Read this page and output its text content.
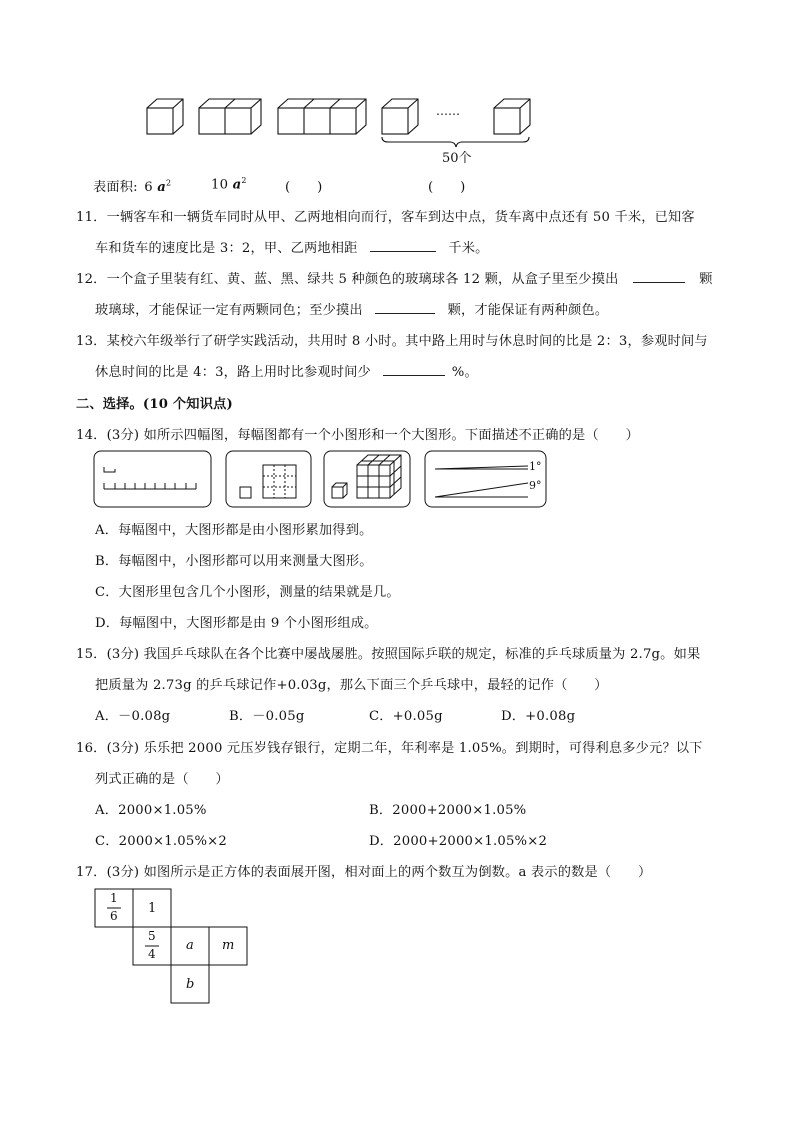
……
50个
表面积: 6 $a^2$	10 $a^2$	(　　)	(　　)
11．一辆客车和一辆货车同时从甲、乙两地相向而行，客车到达中点，货车离中点还有 50 千米，已知客
车和货车的速度比是 3：2，甲、乙两地相距	千米。
12．一个盒子里装有红、黄、蓝、黑、绿共 5 种颜色的玻璃球各 12 颗，从盒子里至少摸出	颗
玻璃球，才能保证一定有两颗同色；至少摸出	颗，才能保证有两种颜色。
13．某校六年级举行了研学实践活动，共用时 8 小时。其中路上用时与休息时间的比是 2：3，参观时间与
休息时间的比是 4：3，路上用时比参观时间少	%。
二、选择。(10 个知识点)
14．(3分) 如所示四幅图，每幅图都有一个小图形和一个大图形。下面描述不正确的是（　　）
1°
9°
A．每幅图中，大图形都是由小图形累加得到。
B．每幅图中，小图形都可以用来测量大图形。
C．大图形里包含几个小图形，测量的结果就是几。
D．每幅图中，大图形都是由 9 个小图形组成。
15．(3分) 我国乒乓球队在各个比赛中屡战屡胜。按照国际乒联的规定，标准的乒乓球质量为 2.7g。如果
把质量为 2.73g 的乒乓球记作+0.03g，那么下面三个乒乓球中，最轻的记作（　　）
A．－0.08g	B．－0.05g	C．+0.05g	D．+0.08g
16．(3分) 乐乐把 2000 元压岁钱存银行，定期二年，年利率是 1.05%。到期时，可得利息多少元？以下
列式正确的是（　　）
A．2000×1.05%	B．2000+2000×1.05%
C．2000×1.05%×2	D．2000+2000×1.05%×2
17．(3分) 如图所示是正方体的表面展开图，相对面上的两个数互为倒数。a 表示的数是（　　）
1
6 1
5
4
a m
b
